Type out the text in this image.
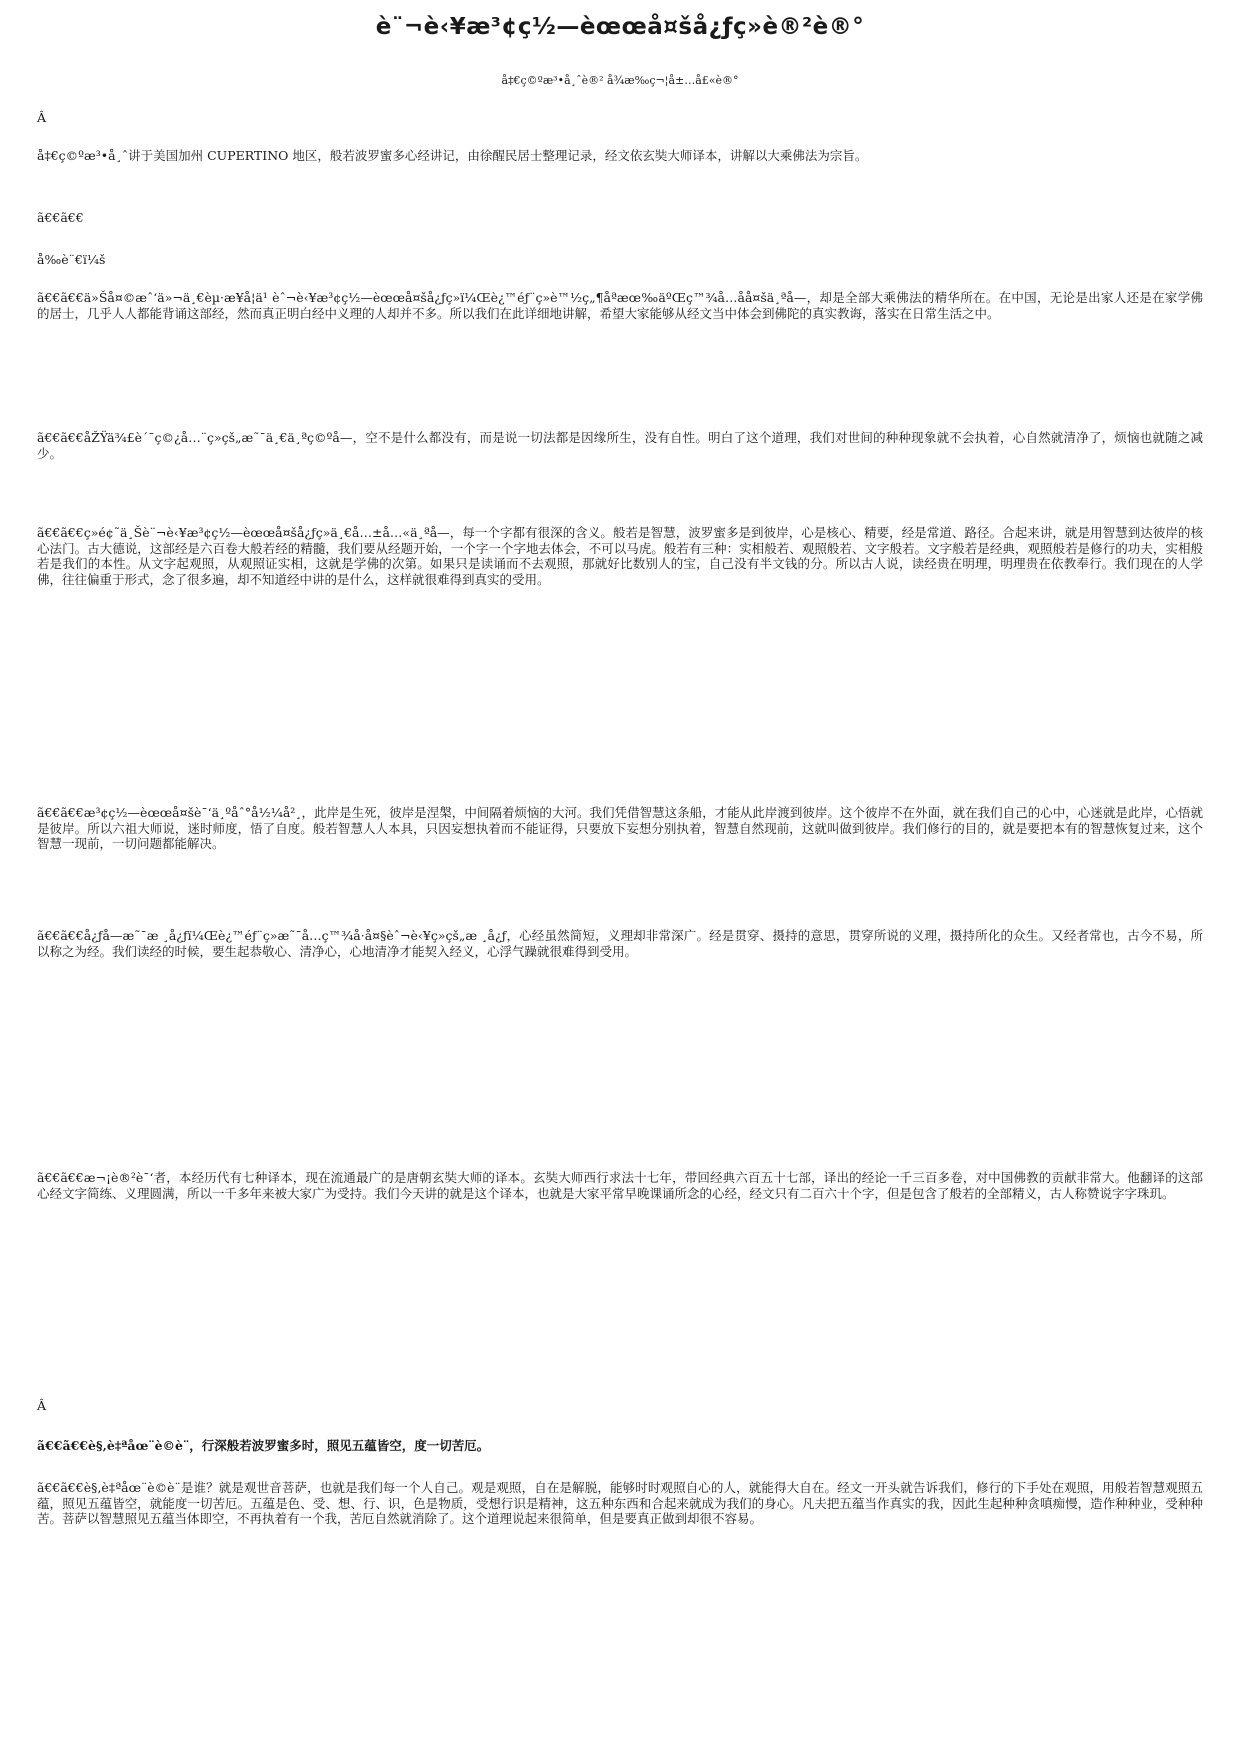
è¨¬è‹¥æ³¢ç½—èœœå¤šå¿ƒç»è®²è®°
å‡€ç©ºæ³•å¸ˆè®² å¾æ‰ç¬¦å±…å£«è®°
Â
å‡€ç©ºæ³•å¸ˆ讲于美国加州 CUPERTINO 地区，般若波罗蜜多心经讲记，由徐醒民居士整理记录，经文依玄奘大师译本，讲解以大乘佛法为宗旨。
ã€€ã€€
å‰è¨€ï¼š
ã€€ã€€ä»Šå¤©æˆ‘ä»¬ä¸€èµ·æ¥å¦ä¹ èˆ¬è‹¥æ³¢ç½—èœœå¤šå¿ƒç»ï¼Œè¿™éƒ¨ç»è™½ç„¶åªæœ‰äºŒç™¾å…åå¤šä¸ªå—，却是全部大乘佛法的精华所在。在中国，无论是出家人还是在家学佛的居士，几乎人人都能背诵这部经，然而真正明白经中义理的人却并不多。所以我们在此详细地讲解，希望大家能够从经文当中体会到佛陀的真实教诲，落实在日常生活之中。
ã€€ã€€åŽŸä¾£è´¯ç©¿å…¨ç»çš„æ˜¯ä¸€ä¸ªç©ºå—，空不是什么都没有，而是说一切法都是因缘所生，没有自性。明白了这个道理，我们对世间的种种现象就不会执着，心自然就清净了，烦恼也就随之减少。
ã€€ã€€ç»é¢˜ä¸Šè¨¬è‹¥æ³¢ç½—èœœå¤šå¿ƒç»ä¸€å…±å…«ä¸ªå—，每一个字都有很深的含义。般若是智慧，波罗蜜多是到彼岸，心是核心、精要，经是常道、路径。合起来讲，就是用智慧到达彼岸的核心法门。古大德说，这部经是六百卷大般若经的精髓，我们要从经题开始，一个字一个字地去体会，不可以马虎。般若有三种：实相般若、观照般若、文字般若。文字般若是经典，观照般若是修行的功夫，实相般若是我们的本性。从文字起观照，从观照证实相，这就是学佛的次第。如果只是读诵而不去观照，那就好比数别人的宝，自己没有半文钱的分。所以古人说，读经贵在明理，明理贵在依教奉行。我们现在的人学佛，往往偏重于形式，念了很多遍，却不知道经中讲的是什么，这样就很难得到真实的受用。
ã€€ã€€æ³¢ç½—èœœå¤šè¯‘ä¸ºåˆ°å½¼å²¸，此岸是生死，彼岸是涅槃，中间隔着烦恼的大河。我们凭借智慧这条船，才能从此岸渡到彼岸。这个彼岸不在外面，就在我们自己的心中，心迷就是此岸，心悟就是彼岸。所以六祖大师说，迷时师度，悟了自度。般若智慧人人本具，只因妄想执着而不能证得，只要放下妄想分别执着，智慧自然现前，这就叫做到彼岸。我们修行的目的，就是要把本有的智慧恢复过来，这个智慧一现前，一切问题都能解决。
ã€€ã€€å¿ƒå—æ˜¯æ ¸å¿ƒï¼Œè¿™éƒ¨ç»æ˜¯å…ç™¾å·å¤§èˆ¬è‹¥ç»çš„æ ¸å¿ƒ，心经虽然简短，义理却非常深广。经是贯穿、摄持的意思，贯穿所说的义理，摄持所化的众生。又经者常也，古今不易，所以称之为经。我们读经的时候，要生起恭敬心、清净心，心地清净才能契入经义，心浮气躁就很难得到受用。
ã€€ã€€æ¬¡è®²è¯‘者，本经历代有七种译本，现在流通最广的是唐朝玄奘大师的译本。玄奘大师西行求法十七年，带回经典六百五十七部，译出的经论一千三百多卷，对中国佛教的贡献非常大。他翻译的这部心经文字简练、义理圆满，所以一千多年来被大家广为受持。我们今天讲的就是这个译本，也就是大家平常早晚课诵所念的心经，经文只有二百六十个字，但是包含了般若的全部精义，古人称赞说字字珠玑。
Â
ã€€ã€€è§‚è‡ªåœ¨è©è¨，行深般若波罗蜜多时，照见五蕴皆空，度一切苦厄。
ã€€ã€€è§‚è‡ªåœ¨è©è¨是谁？就是观世音菩萨，也就是我们每一个人自己。观是观照，自在是解脱，能够时时观照自心的人，就能得大自在。经文一开头就告诉我们，修行的下手处在观照，用般若智慧观照五蕴，照见五蕴皆空，就能度一切苦厄。五蕴是色、受、想、行、识，色是物质，受想行识是精神，这五种东西和合起来就成为我们的身心。凡夫把五蕴当作真实的我，因此生起种种贪嗔痴慢，造作种种业，受种种苦。菩萨以智慧照见五蕴当体即空，不再执着有一个我，苦厄自然就消除了。这个道理说起来很简单，但是要真正做到却很不容易。
